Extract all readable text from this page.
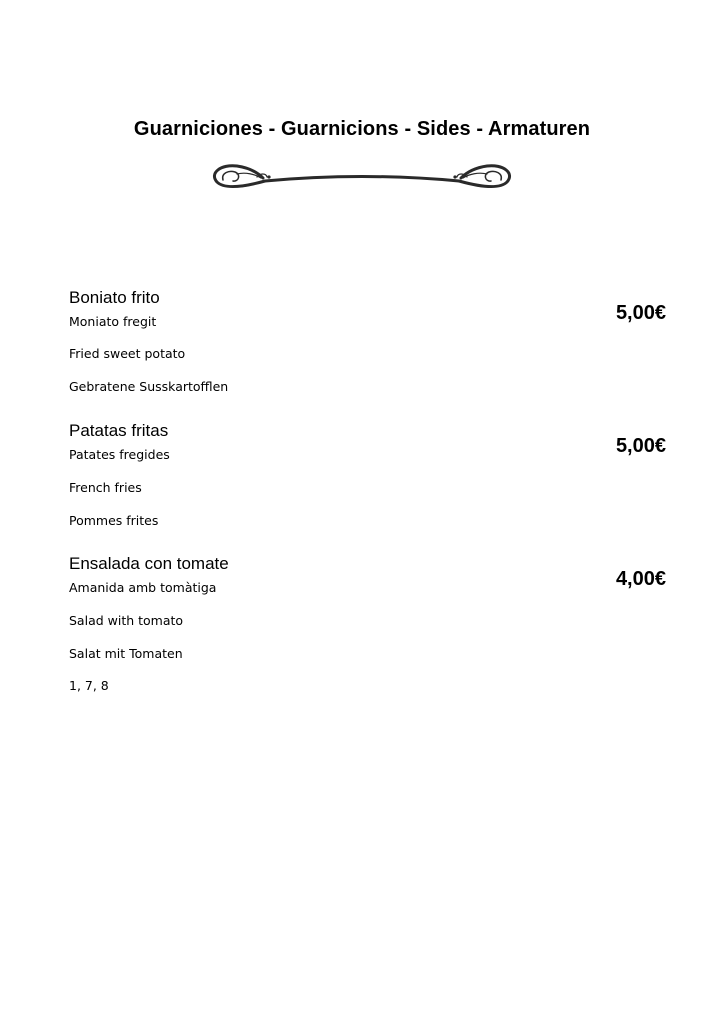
Guarniciones - Guarnicions - Sides - Armaturen

Boniato frito

Moniato fregit

Fried sweet potato

Gebratene Susskartofflen

5,00€

Patatas fritas

Patates fregides

French fries

Pommes frites

5,00€

Ensalada con tomate

Amanida amb tomàtiga

Salad with tomato

Salat mit Tomaten

4,00€
1, 7, 8
